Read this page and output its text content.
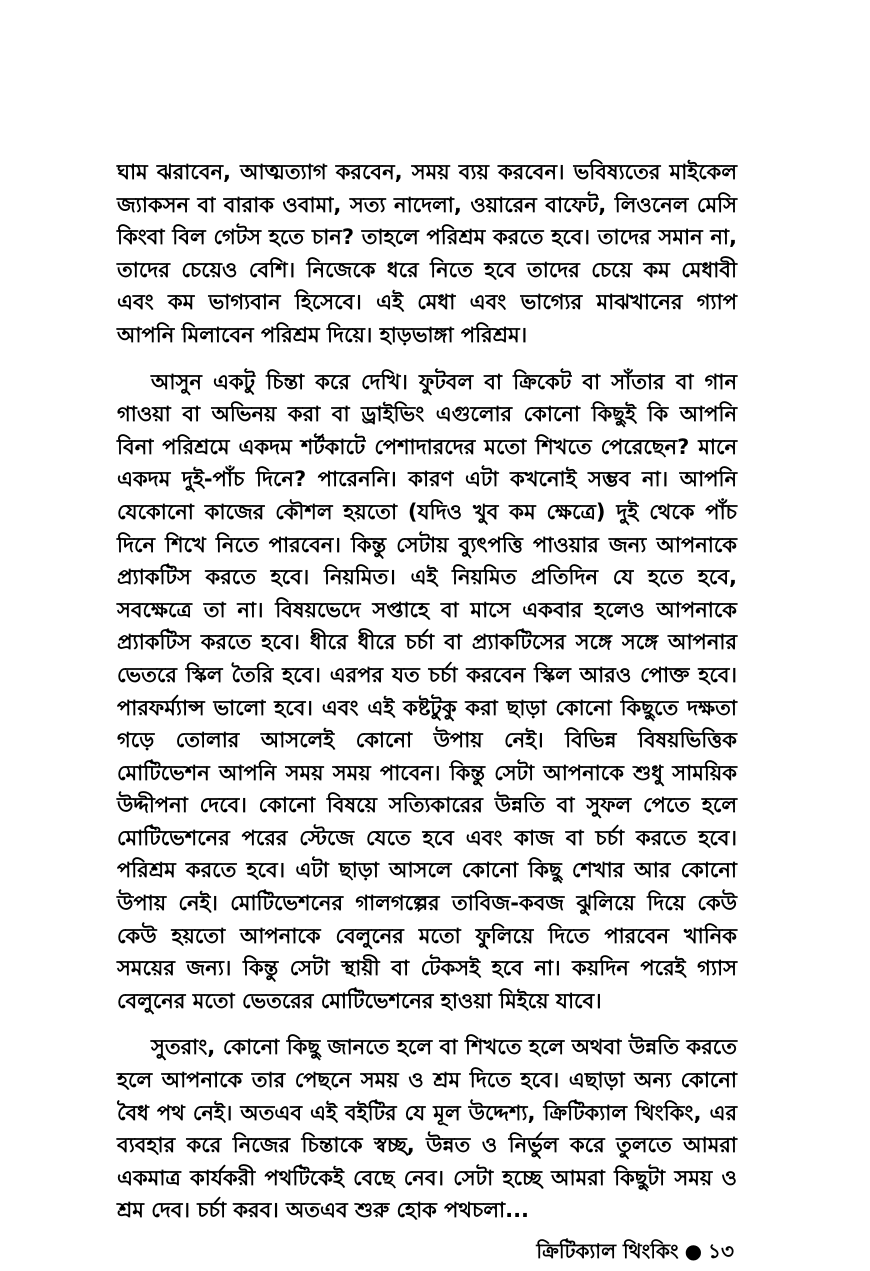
ঘাম ঝরাবেন, আত্মত্যাগ করবেন, সময় ব্যয় করবেন। ভবিষ্যতের মাইকেল জ্যাকসন বা বারাক ওবামা, সত্য নাদেলা, ওয়ারেন বাফেট, লিওনেল মেসি কিংবা বিল গেটস হতে চান? তাহলে পরিশ্রম করতে হবে। তাদের সমান না, তাদের চেয়েও বেশি। নিজেকে ধরে নিতে হবে তাদের চেয়ে কম মেধাবী এবং কম ভাগ্যবান হিসেবে। এই মেধা এবং ভাগ্যের মাঝখানের গ্যাপ আপনি মিলাবেন পরিশ্রম দিয়ে। হাড়ভাঙ্গা পরিশ্রম।

আসুন একটু চিন্তা করে দেখি। ফুটবল বা ক্রিকেট বা সাঁতার বা গান গাওয়া বা অভিনয় করা বা ড্রাইভিং এগুলোর কোনো কিছুই কি আপনি বিনা পরিশ্রমে একদম শর্টকাটে পেশাদারদের মতো শিখতে পেরেছেন? মানে একদম দুই-পাঁচ দিনে? পারেননি। কারণ এটা কখনোই সম্ভব না। আপনি যেকোনো কাজের কৌশল হয়তো (যদিও খুব কম ক্ষেত্রে) দুই থেকে পাঁচ দিনে শিখে নিতে পারবেন। কিন্তু সেটায় ব্যুৎপত্তি পাওয়ার জন্য আপনাকে প্র্যাকটিস করতে হবে। নিয়মিত। এই নিয়মিত প্রতিদিন যে হতে হবে, সবক্ষেত্রে তা না। বিষয়ভেদে সপ্তাহে বা মাসে একবার হলেও আপনাকে প্র্যাকটিস করতে হবে। ধীরে ধীরে চর্চা বা প্র্যাকটিসের সঙ্গে সঙ্গে আপনার ভেতরে স্কিল তৈরি হবে। এরপর যত চর্চা করবেন স্কিল আরও পোক্ত হবে। পারফর্ম্যান্স ভালো হবে। এবং এই কষ্টটুকু করা ছাড়া কোনো কিছুতে দক্ষতা গড়ে তোলার আসলেই কোনো উপায় নেই। বিভিন্ন বিষয়ভিত্তিক মোটিভেশন আপনি সময় সময় পাবেন। কিন্তু সেটা আপনাকে শুধু সাময়িক উদ্দীপনা দেবে। কোনো বিষয়ে সত্যিকারের উন্নতি বা সুফল পেতে হলে মোটিভেশনের পরের স্টেজে যেতে হবে এবং কাজ বা চর্চা করতে হবে। পরিশ্রম করতে হবে। এটা ছাড়া আসলে কোনো কিছু শেখার আর কোনো উপায় নেই। মোটিভেশনের গালগল্পের তাবিজ-কবজ ঝুলিয়ে দিয়ে কেউ কেউ হয়তো আপনাকে বেলুনের মতো ফুলিয়ে দিতে পারবেন খানিক সময়ের জন্য। কিন্তু সেটা স্থায়ী বা টেকসই হবে না। কয়দিন পরেই গ্যাস বেলুনের মতো ভেতরের মোটিভেশনের হাওয়া মিইয়ে যাবে।

সুতরাং, কোনো কিছু জানতে হলে বা শিখতে হলে অথবা উন্নতি করতে হলে আপনাকে তার পেছনে সময় ও শ্রম দিতে হবে। এছাড়া অন্য কোনো বৈধ পথ নেই। অতএব এই বইটির যে মূল উদ্দেশ্য, ক্রিটিক্যাল থিংকিং, এর ব্যবহার করে নিজের চিন্তাকে স্বচ্ছ, উন্নত ও নির্ভুল করে তুলতে আমরা একমাত্র কার্যকরী পথটিকেই বেছে নেব। সেটা হচ্ছে আমরা কিছুটা সময় ও শ্রম দেব। চর্চা করব। অতএব শুরু হোক পথচলা...

ক্রিটিক্যাল থিংকিং ● ১৩
